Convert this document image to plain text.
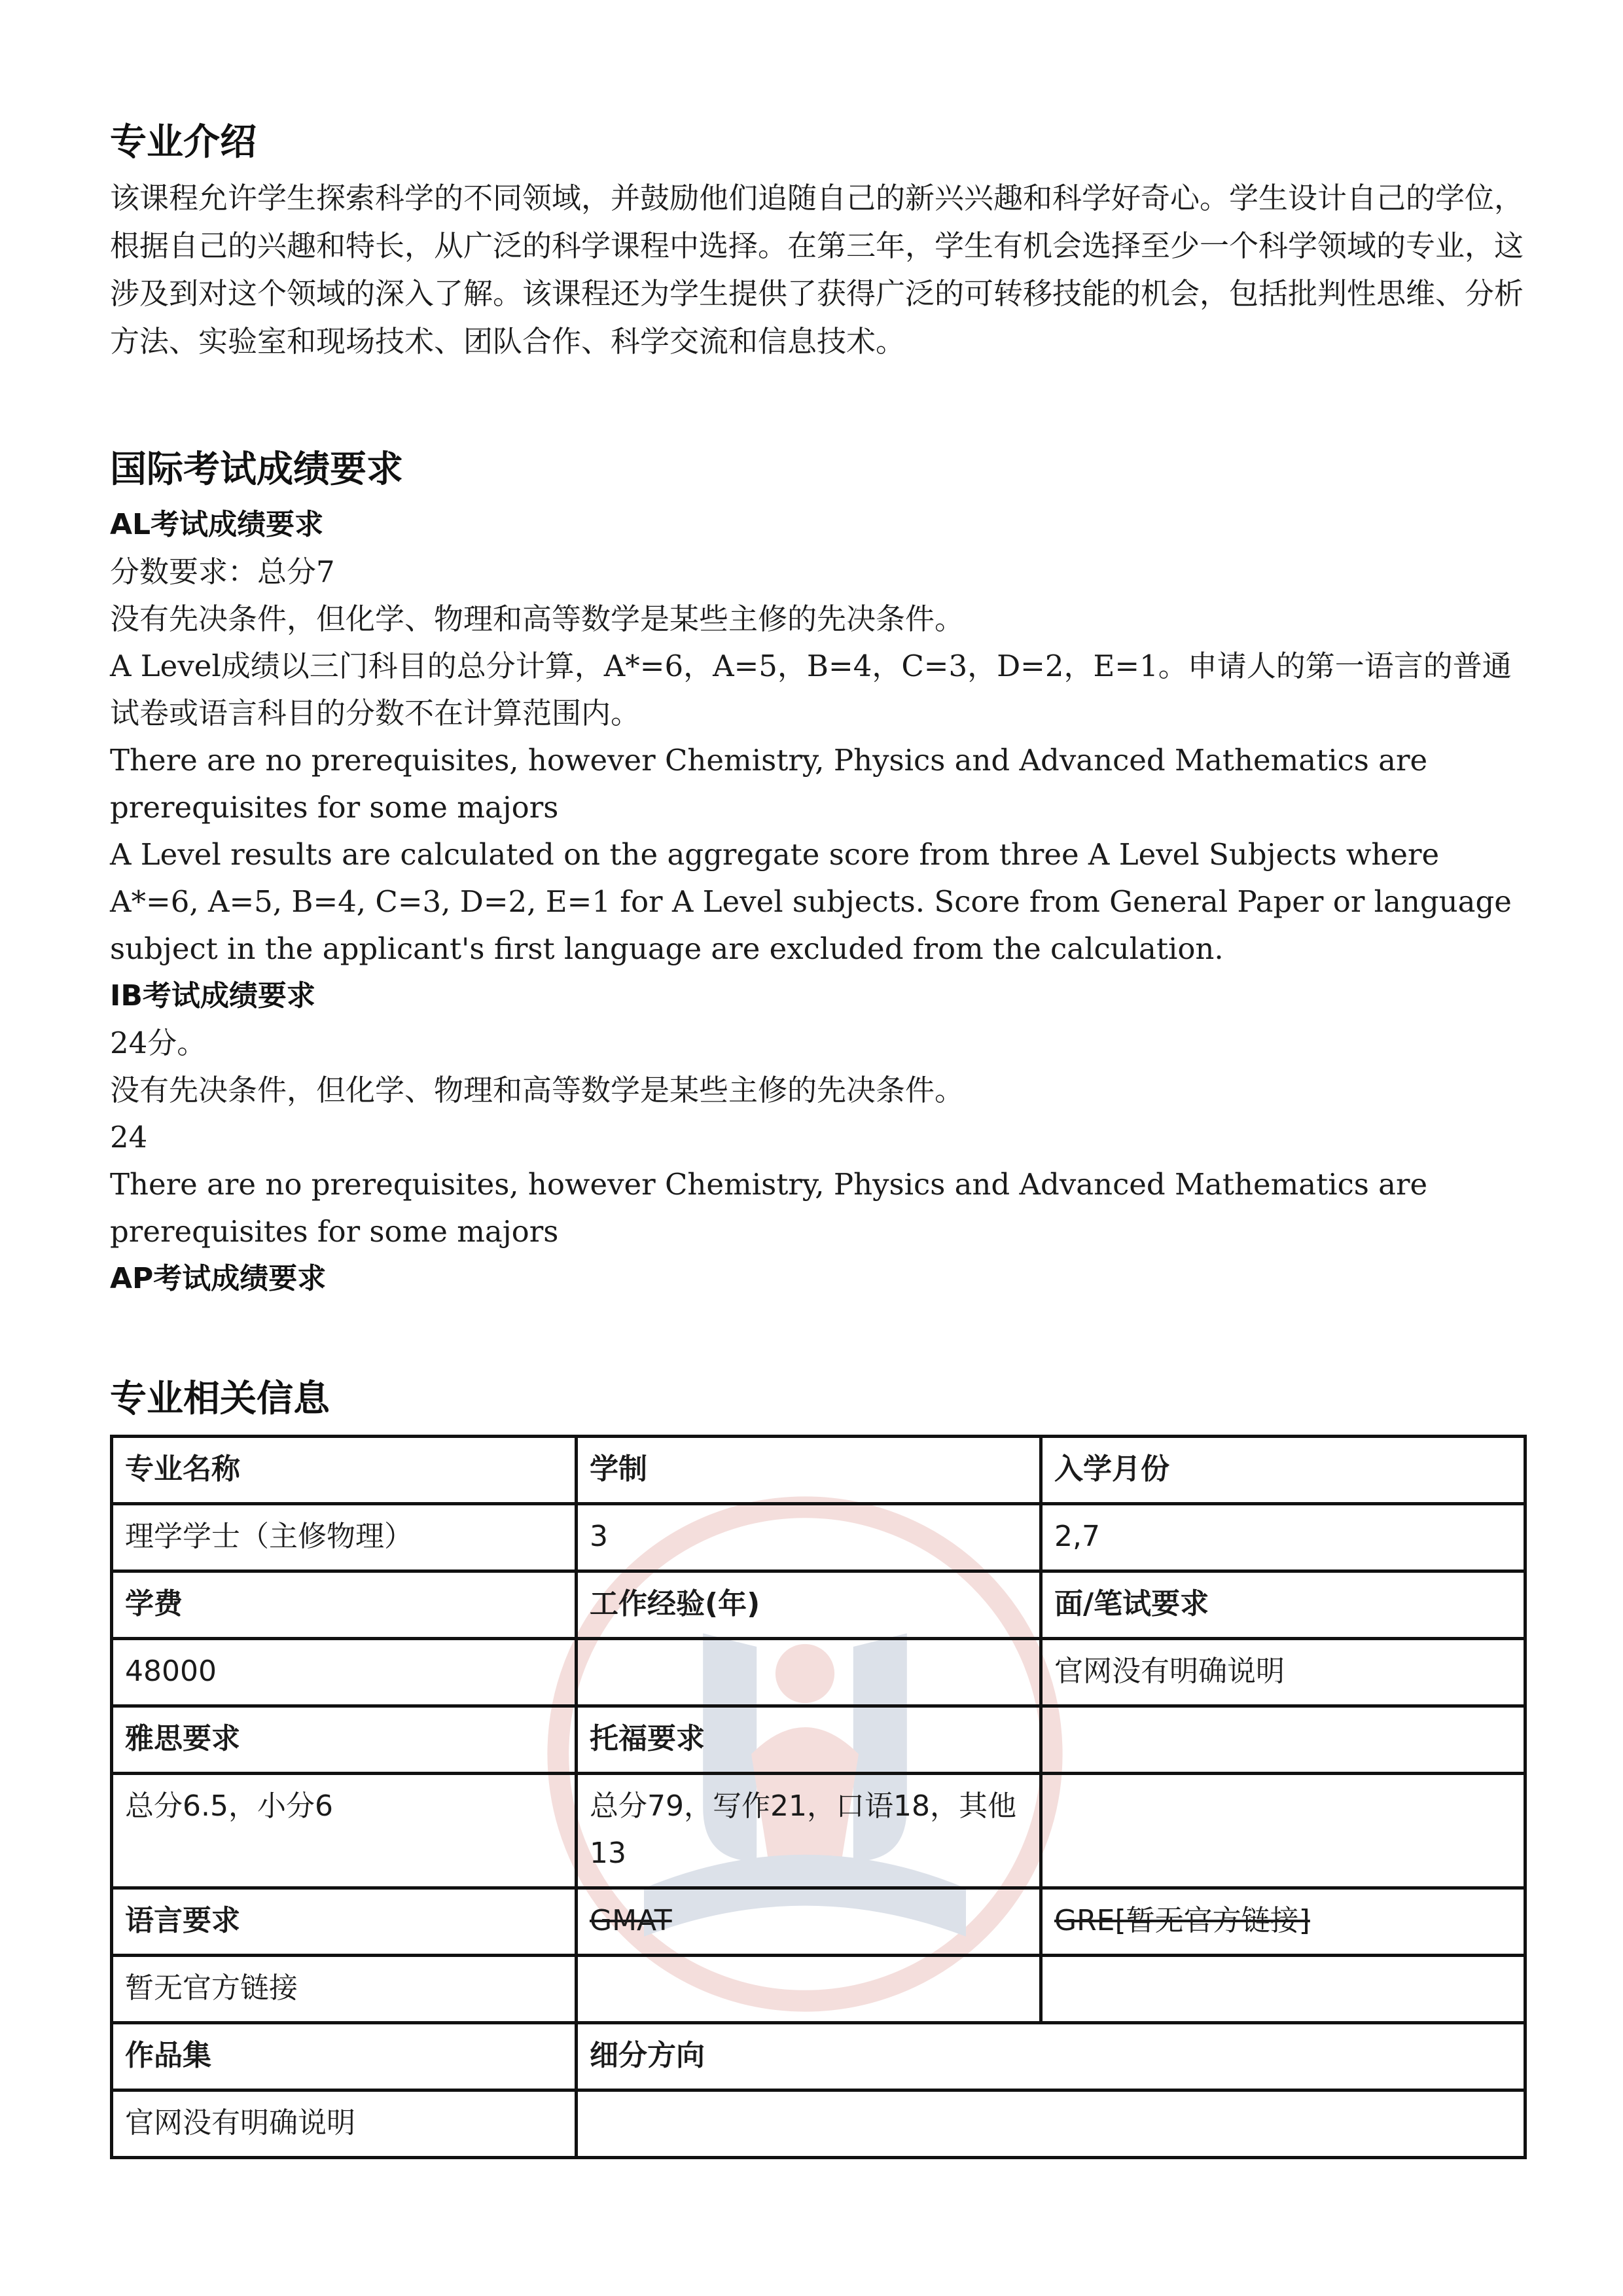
专业介绍

该课程允许学生探索科学的不同领域，并鼓励他们追随自己的新兴兴趣和科学好奇心。学生设计自己的学位，根据自己的兴趣和特长，从广泛的科学课程中选择。在第三年，学生有机会选择至少一个科学领域的专业，这涉及到对这个领域的深入了解。该课程还为学生提供了获得广泛的可转移技能的机会，包括批判性思维、分析方法、实验室和现场技术、团队合作、科学交流和信息技术。

国际考试成绩要求
AL考试成绩要求

分数要求：总分7

没有先决条件，但化学、物理和高等数学是某些主修的先决条件。

A Level成绩以三门科目的总分计算，A*=6，A=5，B=4，C=3，D=2，E=1。申请人的第一语言的普通试卷或语言科目的分数不在计算范围内。

There are no prerequisites, however Chemistry, Physics and Advanced Mathematics are prerequisites for some majors

A Level results are calculated on the aggregate score from three A Level Subjects where A*=6, A=5, B=4, C=3, D=2, E=1 for A Level subjects. Score from General Paper or language subject in the applicant's first language are excluded from the calculation.

IB考试成绩要求

24分。

没有先决条件，但化学、物理和高等数学是某些主修的先决条件。

24

There are no prerequisites, however Chemistry, Physics and Advanced Mathematics are prerequisites for some majors

AP考试成绩要求
专业相关信息
专业名称	学制	入学月份
理学学士（主修物理）	3	2,7
学费	工作经验(年)	面/笔试要求
48000		官网没有明确说明
雅思要求	托福要求	
总分6.5，小分6	总分79，写作21，口语18，其他13	
语言要求	GMAT	GRE[暂无官方链接]
暂无官方链接		
作品集	细分方向	
官网没有明确说明		
